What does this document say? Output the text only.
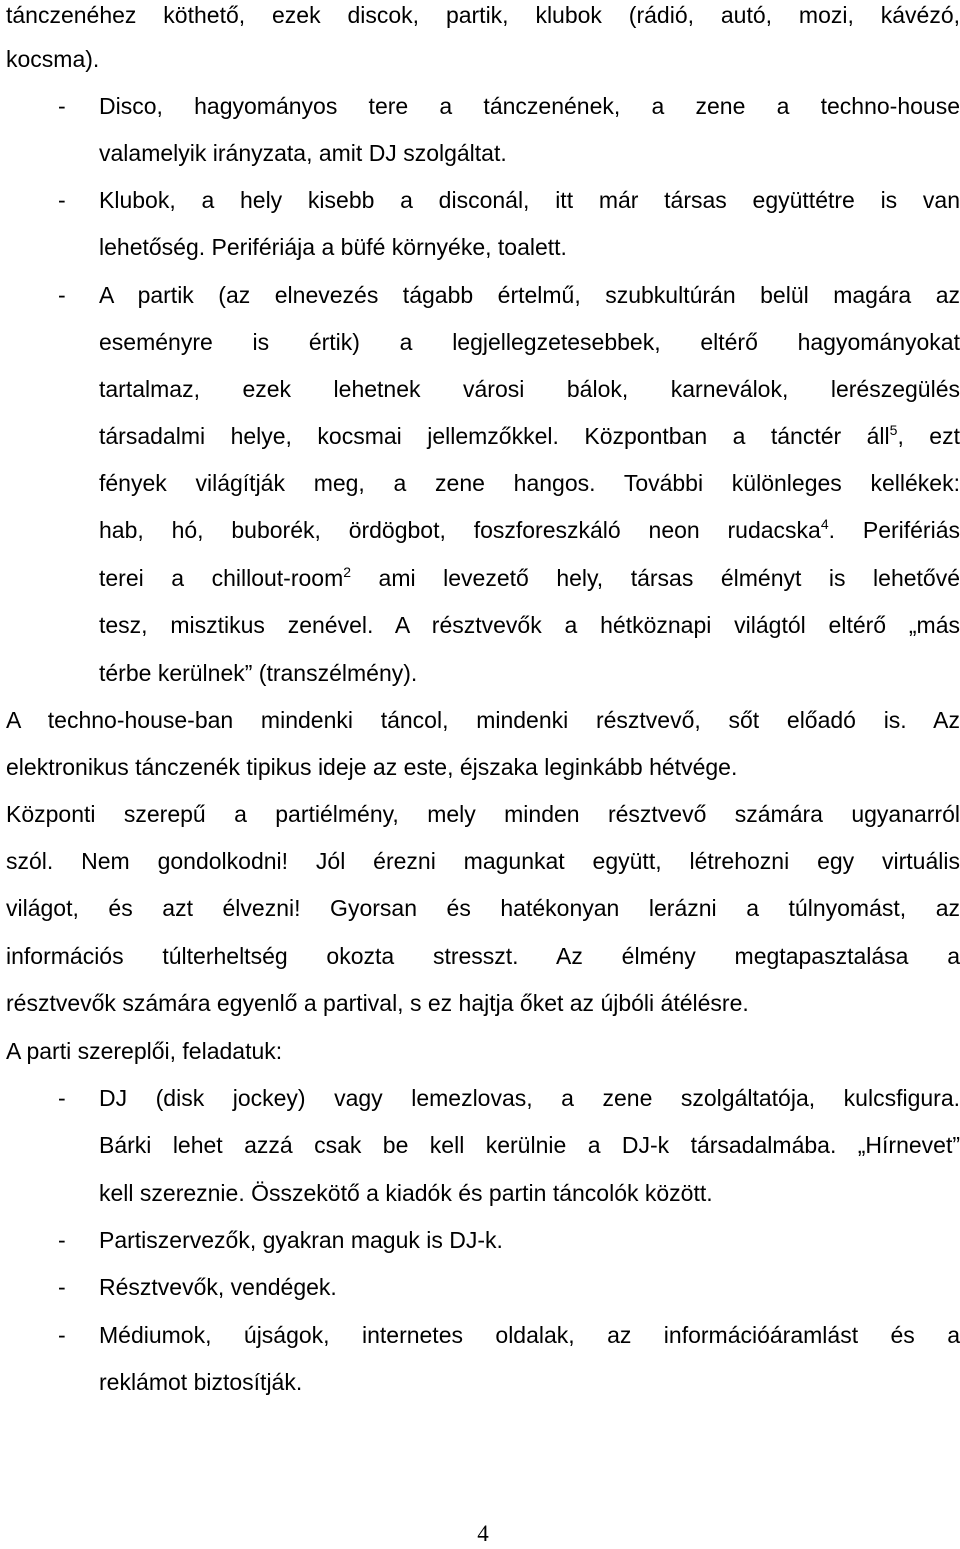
tánczenéhez köthető, ezek discok, partik, klubok (rádió, autó, mozi, kávézó,
kocsma).
- Disco, hagyományos tere a tánczenének, a zene a techno-house
valamelyik irányzata, amit DJ szolgáltat.
- Klubok, a hely kisebb a disconál, itt már társas együttétre is van
lehetőség. Perifériája a büfé környéke, toalett.
- A partik (az elnevezés tágabb értelmű, szubkultúrán belül magára az
eseményre is értik) a legjellegzetesebbek, eltérő hagyományokat
tartalmaz, ezek lehetnek városi bálok, karneválok, lerészegülés
társadalmi helye, kocsmai jellemzőkkel. Központban a tánctér áll$^5$, ezt
fények világítják meg, a zene hangos. További különleges kellékek:
hab, hó, buborék, ördögbot, foszforeszkáló neon rudacska$^4$. Perifériás
terei a chillout-room$^2$ ami levezető hely, társas élményt is lehetővé
tesz, misztikus zenével. A résztvevők a hétköznapi világtól eltérő „más
térbe kerülnek” (transzélmény).
A techno-house-ban mindenki táncol, mindenki résztvevő, sőt előadó is. Az
elektronikus tánczenék tipikus ideje az este, éjszaka leginkább hétvége.
Központi szerepű a partiélmény, mely minden résztvevő számára ugyanarról
szól. Nem gondolkodni! Jól érezni magunkat együtt, létrehozni egy virtuális
világot, és azt élvezni! Gyorsan és hatékonyan lerázni a túlnyomást, az
információs túlterheltség okozta stresszt. Az élmény megtapasztalása a
résztvevők számára egyenlő a partival, s ez hajtja őket az újbóli átélésre.
A parti szereplői, feladatuk:
- DJ (disk jockey) vagy lemezlovas, a zene szolgáltatója, kulcsfigura.
Bárki lehet azzá csak be kell kerülnie a DJ-k társadalmába. „Hírnevet”
kell szereznie. Összekötő a kiadók és partin táncolók között.
- Partiszervezők, gyakran maguk is DJ-k.
- Résztvevők, vendégek.
- Médiumok, újságok, internetes oldalak, az információáramlást és a
reklámot biztosítják.
4
